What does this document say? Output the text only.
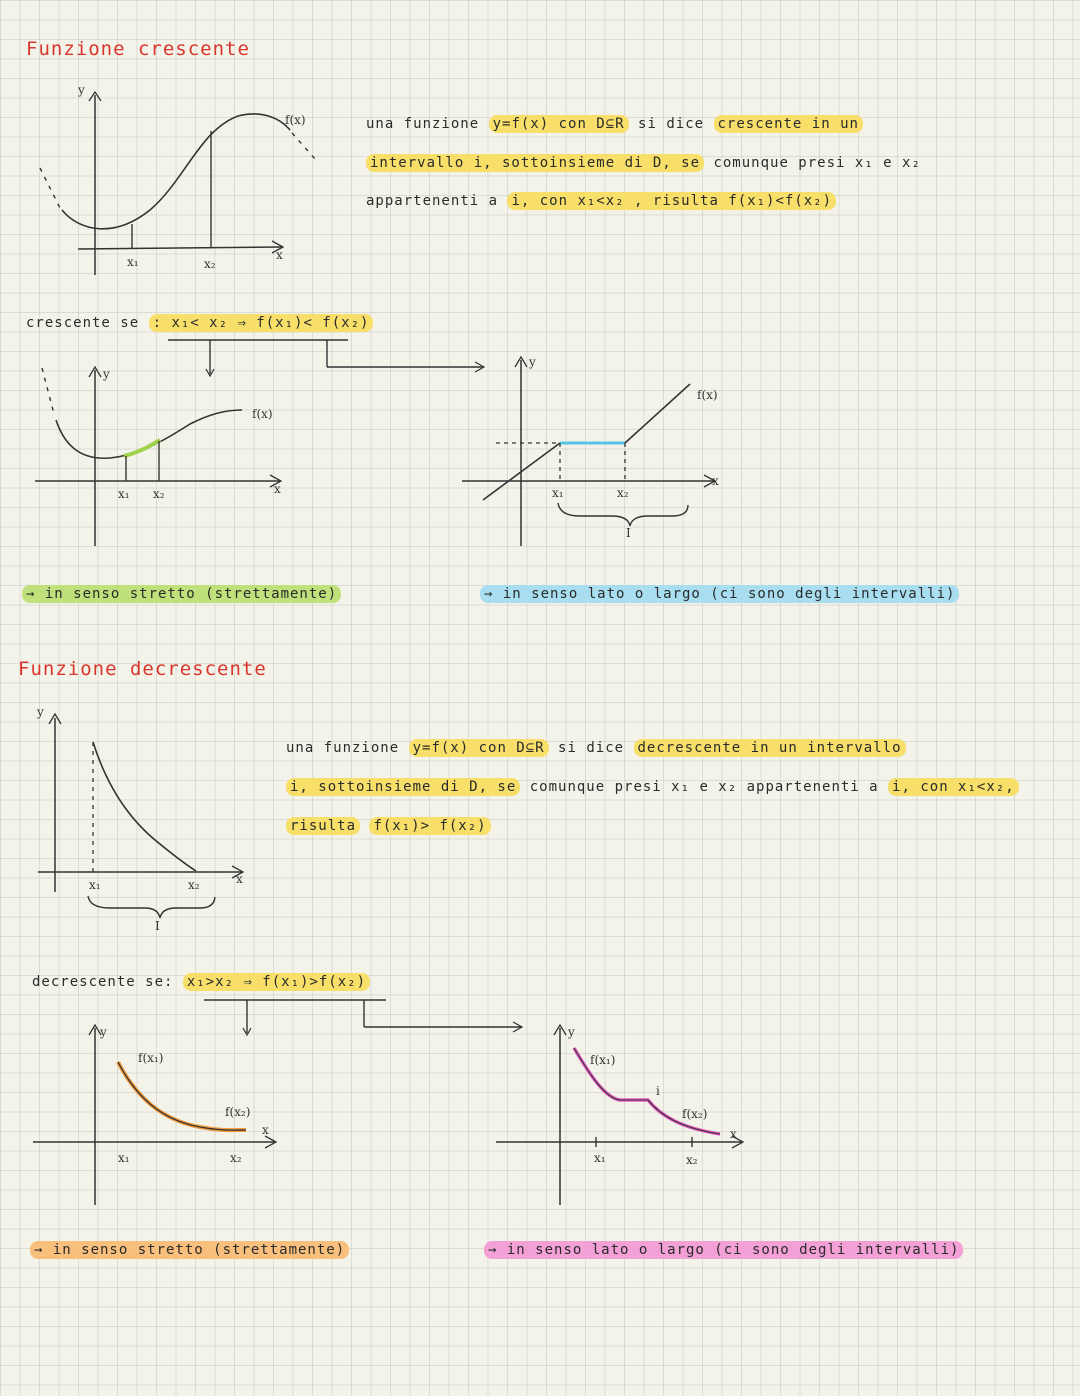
Funzione crescente
y
x
f(x)
x₁	x₂
una funzione y=f(x) con D⊆R si dice crescente in un
intervallo i, sottoinsieme di D, se comunque presi x₁ e x₂
appartenenti a i, con x₁<x₂ , risulta f(x₁)<f(x₂)
crescente se : x₁< x₂ ⇒ f(x₁)< f(x₂)
y
x
f(x)
x₁ x₂
y
x
f(x)
x₁	x₂
I
→ in senso stretto (strettamente)	→ in senso lato o largo (ci sono degli intervalli)
Funzione decrescente
y
x
x₁	x₂
I
una funzione y=f(x) con D⊆R si dice decrescente in un intervallo
i, sottoinsieme di D, se comunque presi x₁ e x₂ appartenenti a i, con x₁<x₂,
risulta f(x₁)> f(x₂)
decrescente se: x₁>x₂ ⇒ f(x₁)>f(x₂)
y
x
f(x₁)
f(x₂)
x₁	x₂
y
x
f(x₁)
f(x₂)
i
x₁	x₂
→ in senso stretto (strettamente)	→ in senso lato o largo (ci sono degli intervalli)
